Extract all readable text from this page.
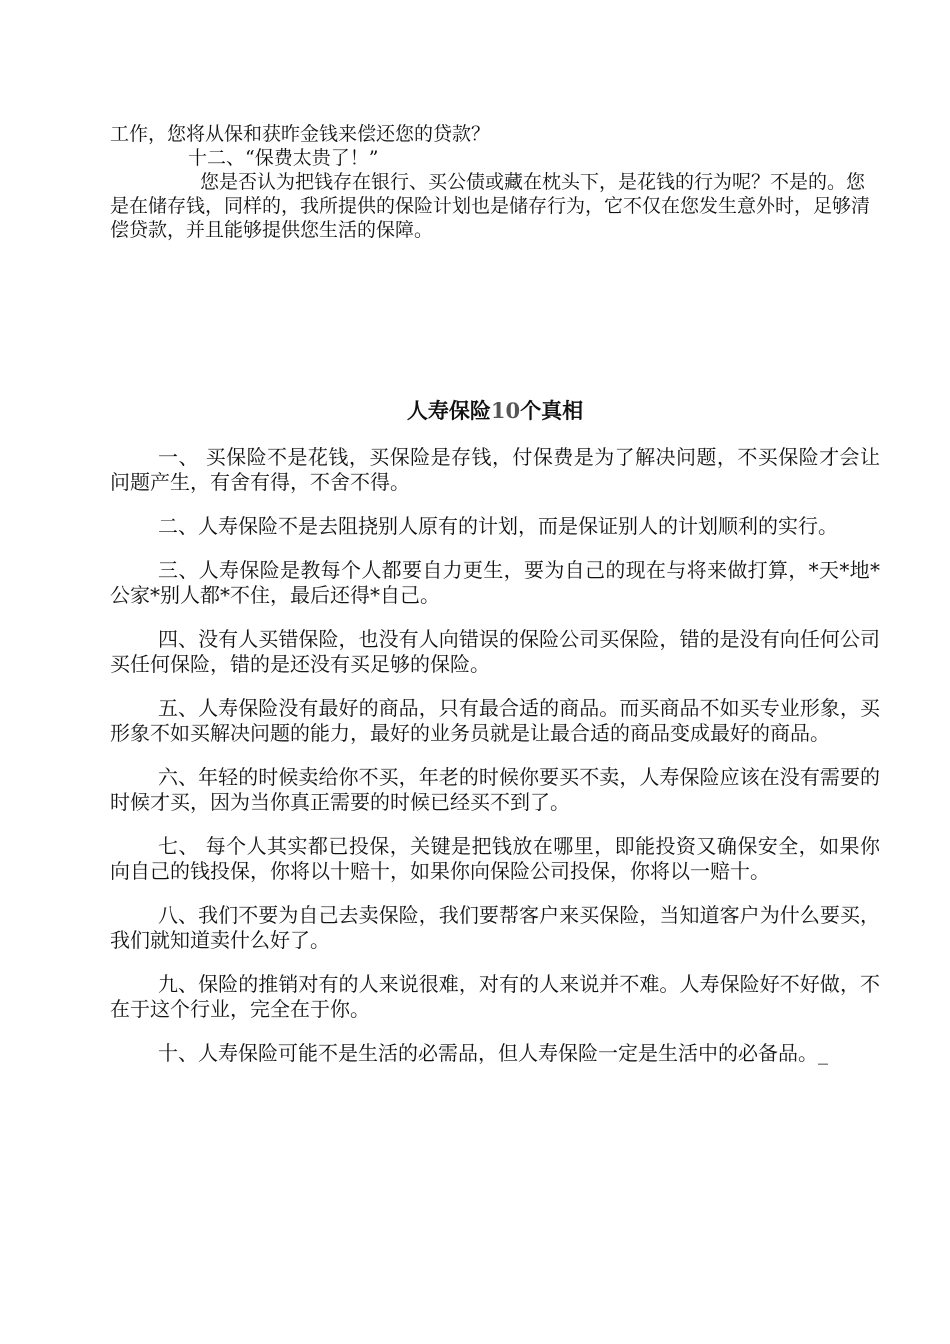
工作，您将从保和获昨金钱来偿还您的贷款？

十二、“保费太贵了！”

您是否认为把钱存在银行、买公债或藏在枕头下，是花钱的行为呢？不是的。您是在储存钱，同样的，我所提供的保险计划也是储存行为，它不仅在您发生意外时，足够清偿贷款，并且能够提供您生活的保障。

人寿保险10个真相

一、 买保险不是花钱，买保险是存钱，付保费是为了解决问题，不买保险才会让问题产生，有舍有得，不舍不得。

二、人寿保险不是去阻挠别人原有的计划，而是保证别人的计划顺利的实行。

三、人寿保险是教每个人都要自力更生，要为自己的现在与将来做打算，*天*地*公家*别人都*不住，最后还得*自己。

四、没有人买错保险，也没有人向错误的保险公司买保险，错的是没有向任何公司买任何保险，错的是还没有买足够的保险。

五、人寿保险没有最好的商品，只有最合适的商品。而买商品不如买专业形象，买形象不如买解决问题的能力，最好的业务员就是让最合适的商品变成最好的商品。

六、年轻的时候卖给你不买，年老的时候你要买不卖，人寿保险应该在没有需要的时候才买，因为当你真正需要的时候已经买不到了。

七、 每个人其实都已投保，关键是把钱放在哪里，即能投资又确保安全，如果你向自己的钱投保，你将以十赔十，如果你向保险公司投保，你将以一赔十。

八、我们不要为自己去卖保险，我们要帮客户来买保险，当知道客户为什么要买，我们就知道卖什么好了。

九、保险的推销对有的人来说很难，对有的人来说并不难。人寿保险好不好做，不在于这个行业，完全在于你。

十、人寿保险可能不是生活的必需品，但人寿保险一定是生活中的必备品。_
